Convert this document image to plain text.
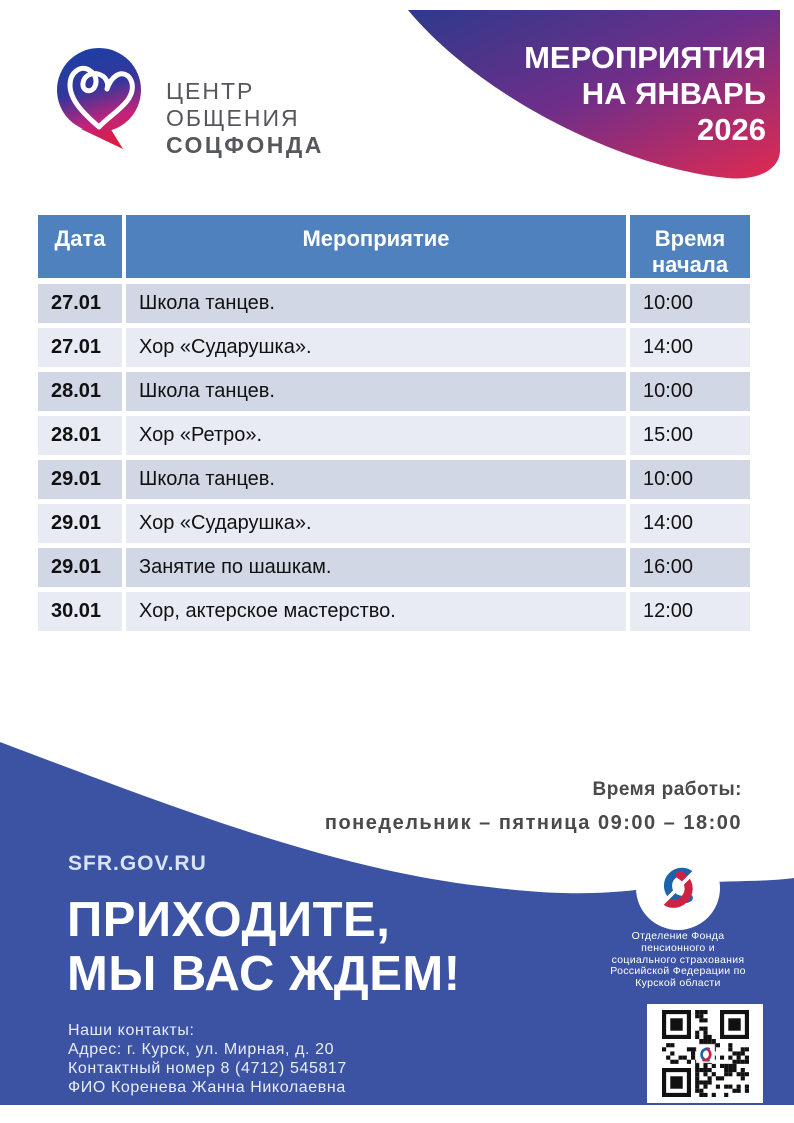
ЦЕНТР
ОБЩЕНИЯ
СОЦФОНДА
МЕРОПРИЯТИЯ
НА ЯНВАРЬ
2026
Дата	Мероприятие	Время начала
27.01	Школа танцев.	10:00
27.01	Хор «Сударушка».	14:00
28.01	Школа танцев.	10:00
28.01	Хор «Ретро».	15:00
29.01	Школа танцев.	10:00
29.01	Хор «Сударушка».	14:00
29.01	Занятие по шашкам.	16:00
30.01	Хор, актерское мастерство.	12:00
Время работы:
понедельник – пятница 09:00 – 18:00
SFR.GOV.RU
ПРИХОДИТЕ,
МЫ ВАС ЖДЕМ!
Наши контакты:
Адрес: г. Курск, ул. Мирная, д. 20
Контактный номер 8 (4712) 545817
ФИО Коренева Жанна Николаевна
Отделение Фонда пенсионного и социального страхования Российской Федерации по Курской области
